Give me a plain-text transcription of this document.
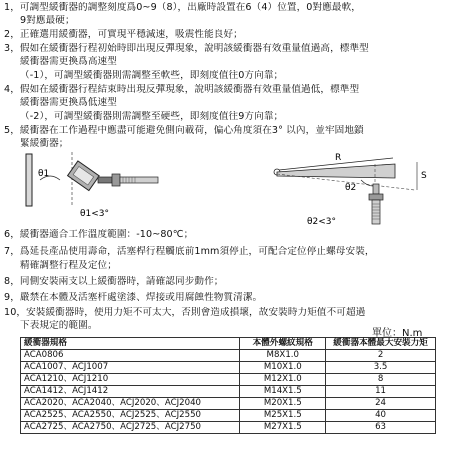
1，可調型緩衝器的調整刻度爲0~9（8），出廠時設置在6（4）位置，0對應最軟，
9對應最硬；
2，正確選用緩衝器，可實現平穩減速，吸震性能良好；
3，假如在緩衝器行程初始時即出現反彈現象，說明該緩衝器有效重量值過高，標準型
緩衝器需更換爲高速型
（-1），可調型緩衝器則需調整至軟些，即刻度值往0方向靠；
4，假如在緩衝器行程結束時出現反彈現象，說明該緩衝器有效重量值過低，標準型
緩衝器需更換爲低速型
（-2），可調型緩衝器則需調整至硬些，即刻度值往9方向靠；
5，緩衝器在工作過程中應盡可能避免側向載荷，偏心角度須在3° 以內，並牢固地鎖
緊緩衝器；
θ1
θ1<3°
R
θ2
S
θ2<3°
6，緩衝器適合工作溫度範圍：-10~80℃；
7，爲延長產品使用壽命，活塞桿行程觸底前1mm須停止，可配合定位停止螺母安裝，
精確調整行程及定位；
8，同側安裝兩支以上緩衝器時，請確認同步動作；
9，嚴禁在本體及活塞杆處塗漆、焊接或用腐蝕性物質清潔。
10，安裝緩衝器時，使用力矩不可太大，否則會造成損壞，故安裝時力矩值不可超過
下表規定的範圍。
單位：N.m
緩衝器規格	本體外螺紋規格	緩衝器本體最大安裝力矩
ACA0806	M8X1.0	2
ACA1007、ACJ1007	M10X1.0	3.5
ACA1210、ACJ1210	M12X1.0	8
ACA1412、ACJ1412	M14X1.5	11
ACA2020、ACA2040、ACJ2020、ACJ2040	M20X1.5	24
ACA2525、ACA2550、ACJ2525、ACJ2550	M25X1.5	40
ACA2725、ACA2750、ACJ2725、ACJ2750	M27X1.5	63
